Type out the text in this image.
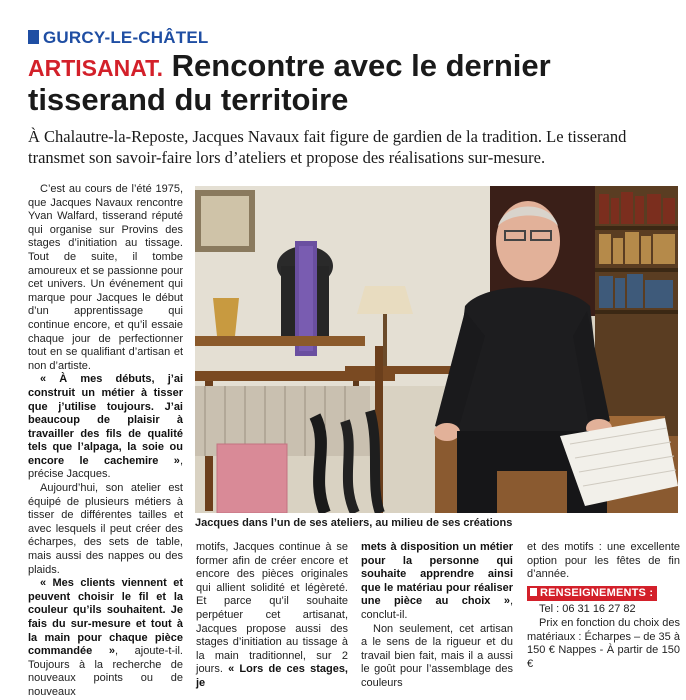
GURCY-LE-CHÂTEL
ARTISANAT. Rencontre avec le dernier tisserand du territoire
À Chalautre-la-Reposte, Jacques Navaux fait figure de gardien de la tradition. Le tisserand transmet son savoir-faire lors d’ateliers et propose des réalisations sur-mesure.

C’est au cours de l’été 1975, que Jacques Navaux rencontre Yvan Walfard, tisserand réputé qui organise sur Provins des stages d’initiation au tissage. Tout de suite, il tombe amoureux et se passionne pour cet univers. Un événement qui marque pour Jacques le début d’un apprentissage qui continue encore, et qu’il essaie chaque jour de perfectionner tout en se qualifiant d’artisan et non d’artiste.

« À mes débuts, j’ai construit un métier à tisser que j’utilise toujours. J’ai beaucoup de plaisir à travailler des fils de qualité tels que l’alpaga, la soie ou encore le cachemire », précise Jacques.

Aujourd’hui, son atelier est équipé de plusieurs métiers à tisser de différentes tailles et avec lesquels il peut créer des écharpes, des sets de table, mais aussi des nappes ou des plaids.

« Mes clients viennent et peuvent choisir le fil et la couleur qu’ils souhaitent. Je fais du sur-mesure et tout à la main pour chaque pièce commandée », ajoute-t-il. Toujours à la recherche de nouveaux points ou de nouveaux

Jacques dans l’un de ses ateliers, au milieu de ses créations

motifs, Jacques continue à se former afin de créer encore et encore des pièces originales qui allient solidité et légèreté. Et parce qu’il souhaite perpétuer cet artisanat, Jacques propose aussi des stages d’initiation au tissage à la main traditionnel, sur 2 jours. « Lors de ces stages, je

mets à disposition un métier pour la personne qui souhaite apprendre ainsi que le matériau pour réaliser une pièce au choix », conclut-il.

Non seulement, cet artisan a le sens de la rigueur et du travail bien fait, mais il a aussi le goût pour l’assemblage des couleurs

et des motifs : une excellente option pour les fêtes de fin d’année.

RENSEIGNEMENTS :

Tel : 06 31 16 27 82

Prix en fonction du choix des matériaux : Écharpes – de 35 à 150 € Nappes - À partir de 150 €
